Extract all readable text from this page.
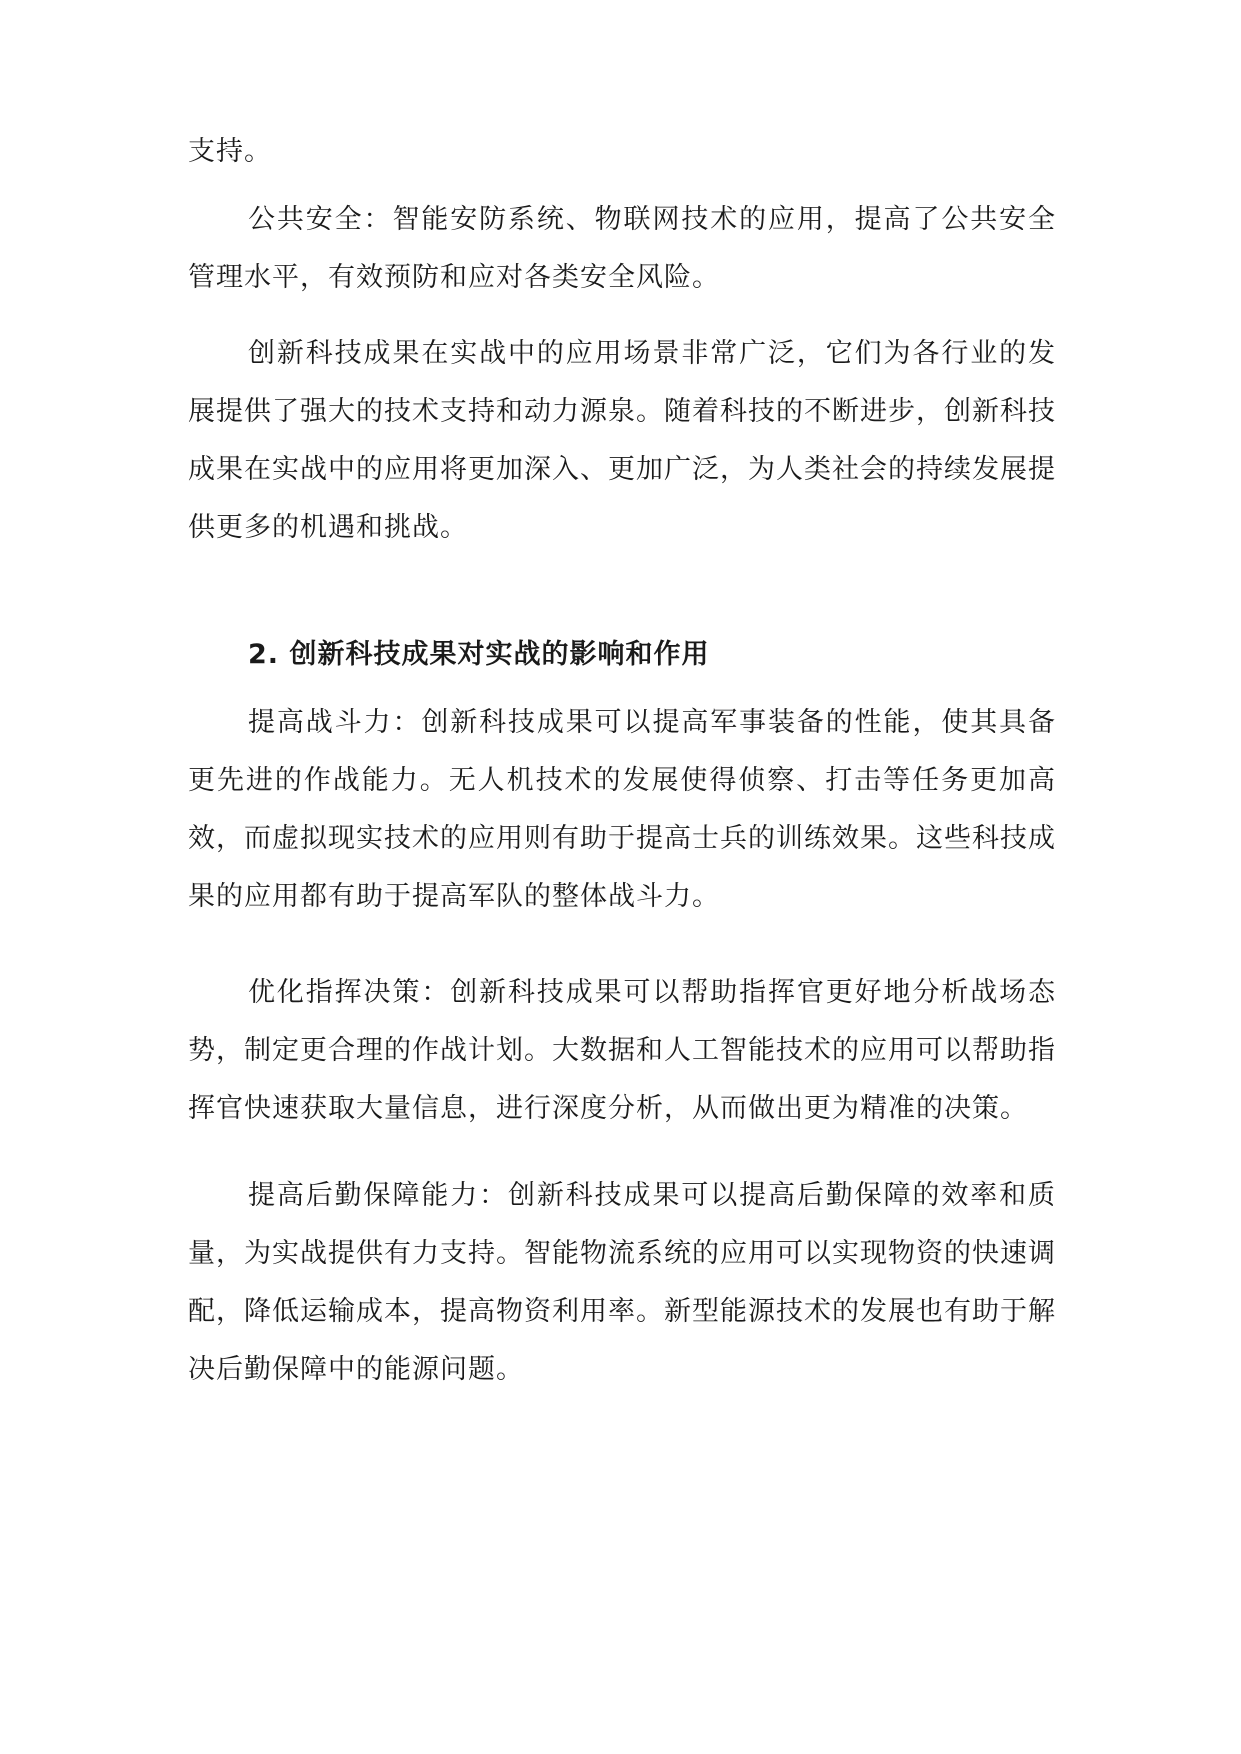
支持。

公共安全：智能安防系统、物联网技术的应用，提高了公共安全管理水平，有效预防和应对各类安全风险。

创新科技成果在实战中的应用场景非常广泛，它们为各行业的发展提供了强大的技术支持和动力源泉。随着科技的不断进步，创新科技成果在实战中的应用将更加深入、更加广泛，为人类社会的持续发展提供更多的机遇和挑战。

2. 创新科技成果对实战的影响和作用

提高战斗力：创新科技成果可以提高军事装备的性能，使其具备更先进的作战能力。无人机技术的发展使得侦察、打击等任务更加高效，而虚拟现实技术的应用则有助于提高士兵的训练效果。这些科技成果的应用都有助于提高军队的整体战斗力。

优化指挥决策：创新科技成果可以帮助指挥官更好地分析战场态势，制定更合理的作战计划。大数据和人工智能技术的应用可以帮助指挥官快速获取大量信息，进行深度分析，从而做出更为精准的决策。

提高后勤保障能力：创新科技成果可以提高后勤保障的效率和质量，为实战提供有力支持。智能物流系统的应用可以实现物资的快速调配，降低运输成本，提高物资利用率。新型能源技术的发展也有助于解决后勤保障中的能源问题。
